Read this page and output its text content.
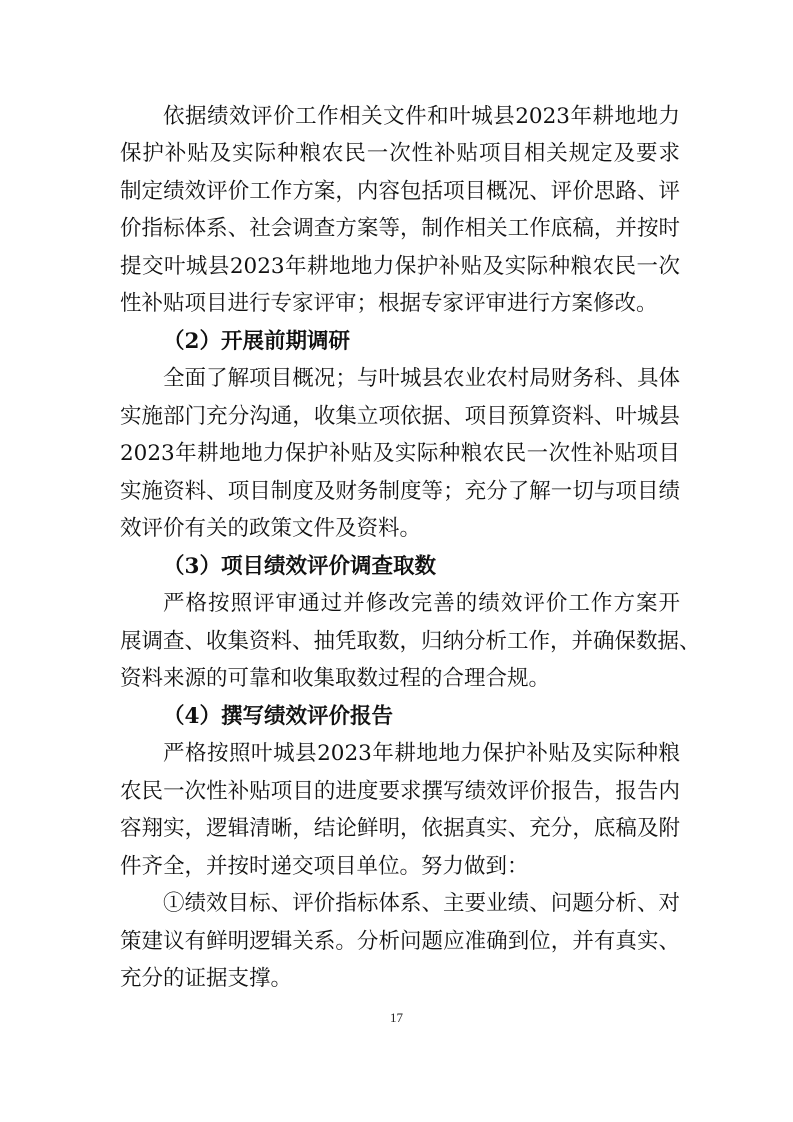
依据绩效评价工作相关文件和叶城县2023年耕地地力
保护补贴及实际种粮农民一次性补贴项目相关规定及要求
制定绩效评价工作方案，内容包括项目概况、评价思路、评
价指标体系、社会调查方案等，制作相关工作底稿，并按时
提交叶城县2023年耕地地力保护补贴及实际种粮农民一次
性补贴项目进行专家评审；根据专家评审进行方案修改。
（2）开展前期调研
全面了解项目概况；与叶城县农业农村局财务科、具体
实施部门充分沟通，收集立项依据、项目预算资料、叶城县
2023年耕地地力保护补贴及实际种粮农民一次性补贴项目
实施资料、项目制度及财务制度等；充分了解一切与项目绩
效评价有关的政策文件及资料。
（3）项目绩效评价调查取数
严格按照评审通过并修改完善的绩效评价工作方案开
展调查、收集资料、抽凭取数，归纳分析工作，并确保数据、
资料来源的可靠和收集取数过程的合理合规。
（4）撰写绩效评价报告
严格按照叶城县2023年耕地地力保护补贴及实际种粮
农民一次性补贴项目的进度要求撰写绩效评价报告，报告内
容翔实，逻辑清晰，结论鲜明，依据真实、充分，底稿及附
件齐全，并按时递交项目单位。努力做到：
①绩效目标、评价指标体系、主要业绩、问题分析、对
策建议有鲜明逻辑关系。分析问题应准确到位，并有真实、
充分的证据支撑。
17
